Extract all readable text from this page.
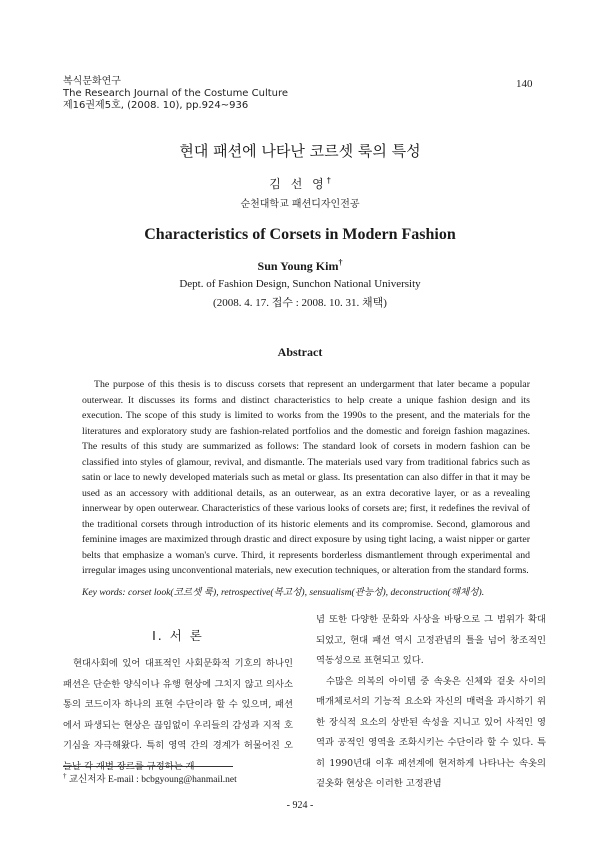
복식문화연구
The Research Journal of the Costume Culture
제16권제5호, (2008. 10), pp.924~936
140
현대 패션에 나타난 코르셋 룩의 특성
김 선 영†
순천대학교 패션디자인전공
Characteristics of Corsets in Modern Fashion
Sun Young Kim†
Dept. of Fashion Design, Sunchon National University
(2008. 4. 17. 접수 : 2008. 10. 31. 채택)
Abstract
The purpose of this thesis is to discuss corsets that represent an undergarment that later became a popular outerwear. It discusses its forms and distinct characteristics to help create a unique fashion design and its execution. The scope of this study is limited to works from the 1990s to the present, and the materials for the literatures and exploratory study are fashion-related portfolios and the domestic and foreign fashion magazines. The results of this study are summarized as follows: The standard look of corsets in modern fashion can be classified into styles of glamour, revival, and dismantle. The materials used vary from traditional fabrics such as satin or lace to newly developed materials such as metal or glass. Its presentation can also differ in that it may be used as an accessory with additional details, as an outerwear, as an extra decorative layer, or as a revealing innerwear by open outerwear. Characteristics of these various looks of corsets are; first, it redefines the revival of the traditional corsets through introduction of its historic elements and its compromise. Second, glamorous and feminine images are maximized through drastic and direct exposure by using tight lacing, a waist nipper or garter belts that emphasize a woman's curve. Third, it represents borderless dismantlement through experimental and irregular images using unconventional materials, new execution techniques, or alteration from the standard forms.
Key words: corset look(코르셋 룩), retrospective(복고성), sensualism(관능성), deconstruction(해체성).
Ⅰ. 서 론

현대사회에 있어 대표적인 사회문화적 기호의 하나인 패션은 단순한 양식이나 유행 현상에 그치지 않고 의사소통의 코드이자 하나의 표현 수단이라 할 수 있으며, 패션에서 파생되는 현상은 끊임없이 우리들의 감성과 지적 호기심을 자극해왔다. 특히 영역 간의 경계가 허물어진 오늘날 각 개별 장르를 규정하는 개

념 또한 다양한 문화와 사상을 바탕으로 그 범위가 확대되었고, 현대 패션 역시 고정관념의 틀을 넘어 창조적인 역동성으로 표현되고 있다.

수많은 의복의 아이템 중 속옷은 신체와 겉옷 사이의 매개체로서의 기능적 요소와 자신의 매력을 과시하기 위한 장식적 요소의 상반된 속성을 지니고 있어 사적인 영역과 공적인 영역을 조화시키는 수단이라 할 수 있다. 특히 1990년대 이후 패션계에 현저하게 나타나는 속옷의 겉옷화 현상은 이러한 고정관념

† 교신저자 E-mail : bcbgyoung@hanmail.net
- 924 -
